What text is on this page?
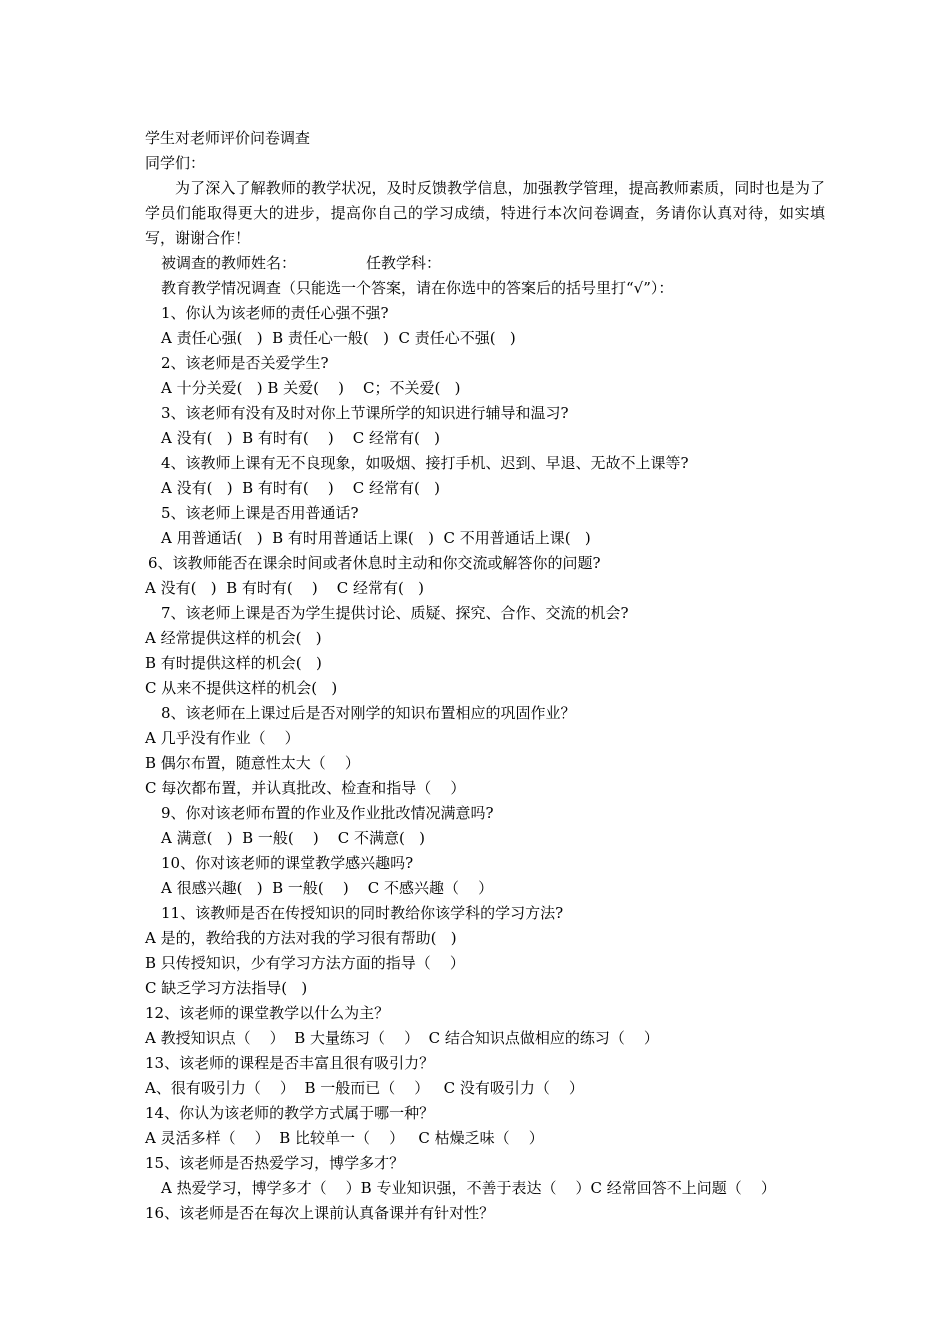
学生对老师评价问卷调查
同学们：
为了深入了解教师的教学状况，及时反馈教学信息，加强教学管理，提高教师素质，同时也是为了学员们能取得更大的进步，提高你自己的学习成绩，特进行本次问卷调查，务请你认真对待，如实填写，谢谢合作！
被调查的教师姓名：	任教学科：
教育教学情况调查（只能选一个答案，请在你选中的答案后的括号里打“√”）：
1、你认为该老师的责任心强不强?
A 责任心强(   )  B 责任心一般(   )  C 责任心不强(   )
2、该老师是否关爱学生?
A 十分关爱(   ) B 关爱(    )    C；不关爱(   )
3、该老师有没有及时对你上节课所学的知识进行辅导和温习?
A 没有(   )  B 有时有(    )    C 经常有(   )
4、该教师上课有无不良现象，如吸烟、接打手机、迟到、早退、无故不上课等?
A 没有(   )  B 有时有(    )    C 经常有(   )
5、该老师上课是否用普通话?
A 用普通话(   )  B 有时用普通话上课(   )  C 不用普通话上课(   )
6、该教师能否在课余时间或者休息时主动和你交流或解答你的问题?
A 没有(   )  B 有时有(    )    C 经常有(   )
7、该老师上课是否为学生提供讨论、质疑、探究、合作、交流的机会?
A 经常提供这样的机会(   )
B 有时提供这样的机会(   )
C 从来不提供这样的机会(   )
8、该老师在上课过后是否对刚学的知识布置相应的巩固作业？
A 几乎没有作业（    ）
B 偶尔布置，随意性太大（    ）
C 每次都布置，并认真批改、检查和指导（    ）
9、你对该老师布置的作业及作业批改情况满意吗?
A 满意(   )  B 一般(    )    C 不满意(   )
10、你对该老师的课堂教学感兴趣吗?
A 很感兴趣(   )  B 一般(    )    C 不感兴趣（    ）
11、该教师是否在传授知识的同时教给你该学科的学习方法?
A 是的，教给我的方法对我的学习很有帮助(   )
B 只传授知识，少有学习方法方面的指导（    ）
C 缺乏学习方法指导(   )
12、该老师的课堂教学以什么为主？
A 教授知识点（    ）  B 大量练习（    ）  C 结合知识点做相应的练习（    ）
13、该老师的课程是否丰富且很有吸引力？
A、很有吸引力（    ）  B 一般而已（    ）   C 没有吸引力（    ）
14、你认为该老师的教学方式属于哪一种？
A 灵活多样（    ）  B 比较单一（    ）   C 枯燥乏味（    ）
15、该老师是否热爱学习，博学多才？
A 热爱学习，博学多才（    ）B 专业知识强，不善于表达（    ）C 经常回答不上问题（    ）
16、该老师是否在每次上课前认真备课并有针对性？
